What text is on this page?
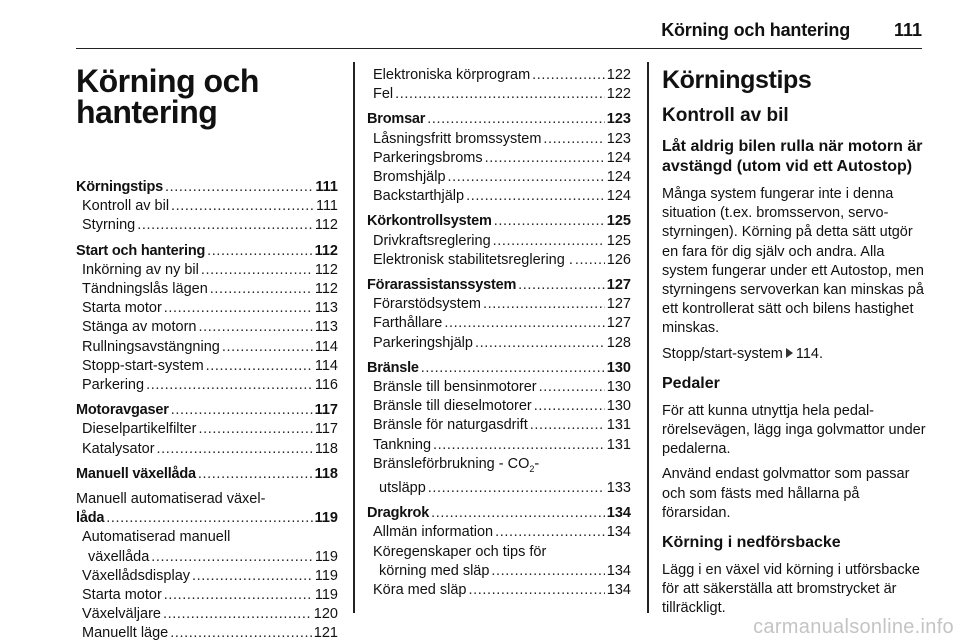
Körning och hantering 111
Körning och
hantering
Körningstips .....	111
Kontroll av bil .....	111
Styrning .....	112
Start och hantering .....	112
Inkörning av ny bil .....	112
Tändningslås lägen .....	112
Starta motor .....	113
Stänga av motorn .....	113
Rullningsavstängning .....	114
Stopp-start-system .....	114
Parkering .....	116
Motoravgaser .....	117
Dieselpartikelfilter .....	117
Katalysator .....	118
Manuell växellåda .....	118
Manuell automatiserad växel-
låda .....	119
Automatiserad manuell
växellåda .....	119
Växellådsdisplay .....	119
Starta motor .....	119
Växelväljare .....	120
Manuellt läge .....	121
Elektroniska körprogram .....	122
Fel .....	122
Bromsar .....	123
Låsningsfritt bromssystem .....	123
Parkeringsbroms .....	124
Bromshjälp .....	124
Backstarthjälp .....	124
Körkontrollsystem .....	125
Drivkraftsreglering .....	125
Elektronisk stabilitetsreglering . ..... 126
Förarassistanssystem .....	127
Förarstödsystem .....	127
Farthållare .....	127
Parkeringshjälp .....	128
Bränsle .....	130
Bränsle till bensinmotorer .....	130
Bränsle till dieselmotorer .....	130
Bränsle för naturgasdrift .....	131
Tankning .....	131
Bränsleförbrukning - $CO_2-$
utsläpp .....	133
Dragkrok .....	134
Allmän information .....	134
Köregenskaper och tips för
körning med släp .....	134
Köra med släp .....	134
Körningstips
Kontroll av bil
Låt aldrig bilen rulla när motorn är avstängd (utom vid ett Autostop)

Många system fungerar inte i denna situation (t.ex. bromsservon, servostyrningen). Körning på detta sätt utgör en fara för dig själv och andra. Alla system fungerar under ett Autostop, men styrningens servoverkan kan minskas på ett kontrollerat sätt och bilens hastighet minskas.

Stopp/start-system 114.

Pedaler

För att kunna utnyttja hela pedalrörelsevägen, lägg inga golvmattor under pedalerna.

Använd endast golvmattor som passar och som fästs med hållarna på förarsidan.

Körning i nedförsbacke

Lägg i en växel vid körning i utförsbacke för att säkerställa att bromstrycket är tillräckligt.

carmanualsonline.info
